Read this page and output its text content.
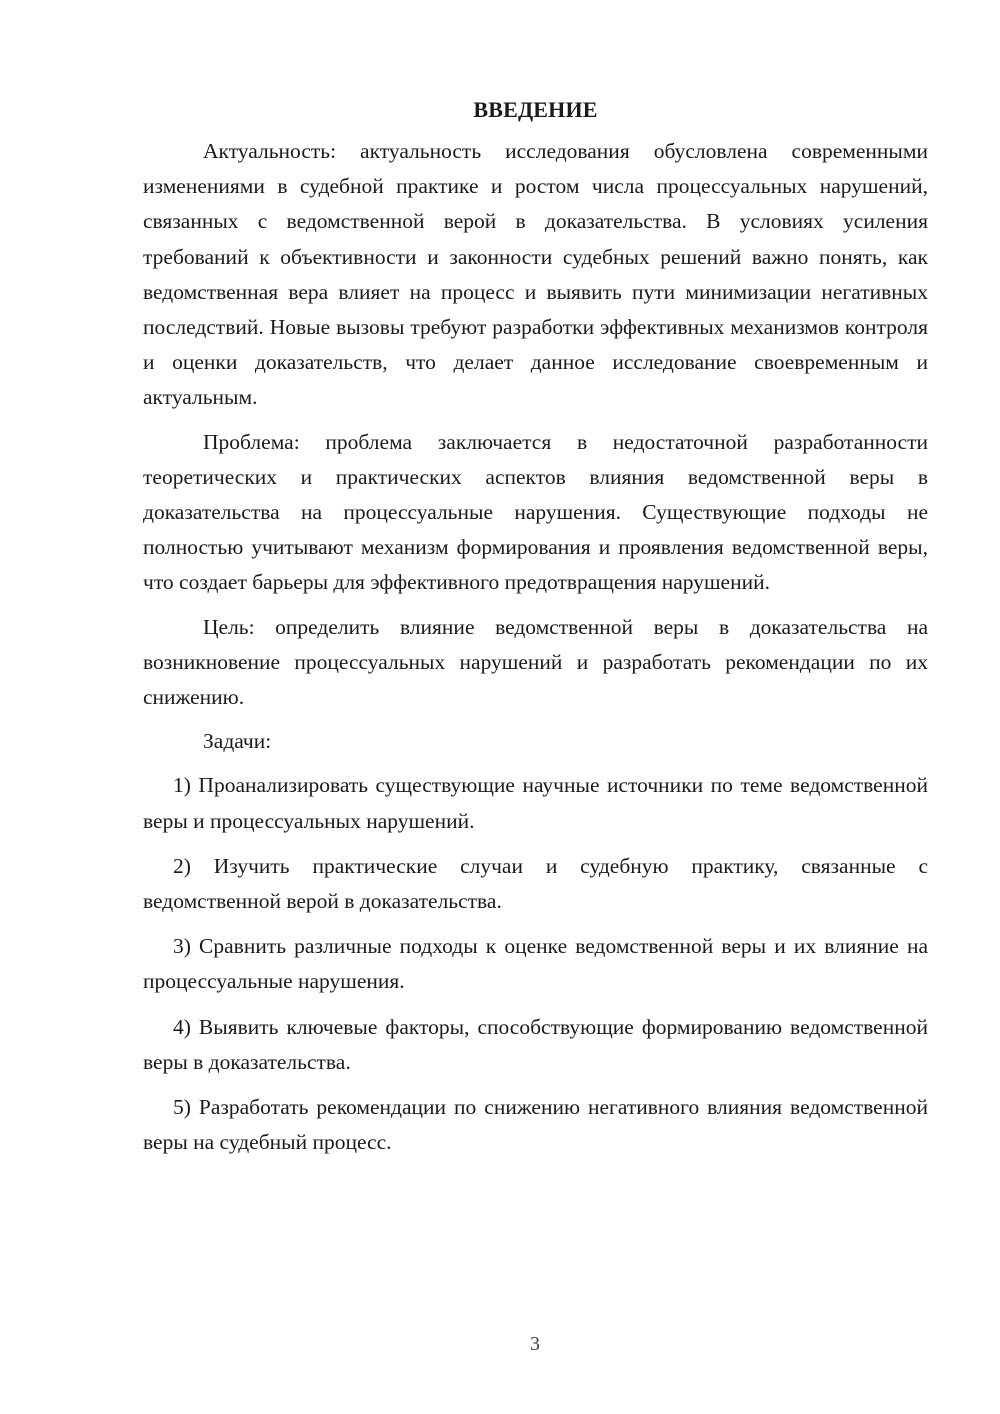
ВВЕДЕНИЕ

Актуальность: актуальность исследования обусловлена современными изменениями в судебной практике и ростом числа процессуальных нарушений, связанных с ведомственной верой в доказательства. В условиях усиления требований к объективности и законности судебных решений важно понять, как ведомственная вера влияет на процесс и выявить пути минимизации негативных последствий. Новые вызовы требуют разработки эффективных механизмов контроля и оценки доказательств, что делает данное исследование своевременным и актуальным.

Проблема: проблема заключается в недостаточной разработанности теоретических и практических аспектов влияния ведомственной веры в доказательства на процессуальные нарушения. Существующие подходы не полностью учитывают механизм формирования и проявления ведомственной веры, что создает барьеры для эффективного предотвращения нарушений.

Цель: определить влияние ведомственной веры в доказательства на возникновение процессуальных нарушений и разработать рекомендации по их снижению.

Задачи:

1) Проанализировать существующие научные источники по теме ведомственной веры и процессуальных нарушений.

2) Изучить практические случаи и судебную практику, связанные с ведомственной верой в доказательства.

3) Сравнить различные подходы к оценке ведомственной веры и их влияние на процессуальные нарушения.

4) Выявить ключевые факторы, способствующие формированию ведомственной веры в доказательства.

5) Разработать рекомендации по снижению негативного влияния ведомственной веры на судебный процесс.

3
